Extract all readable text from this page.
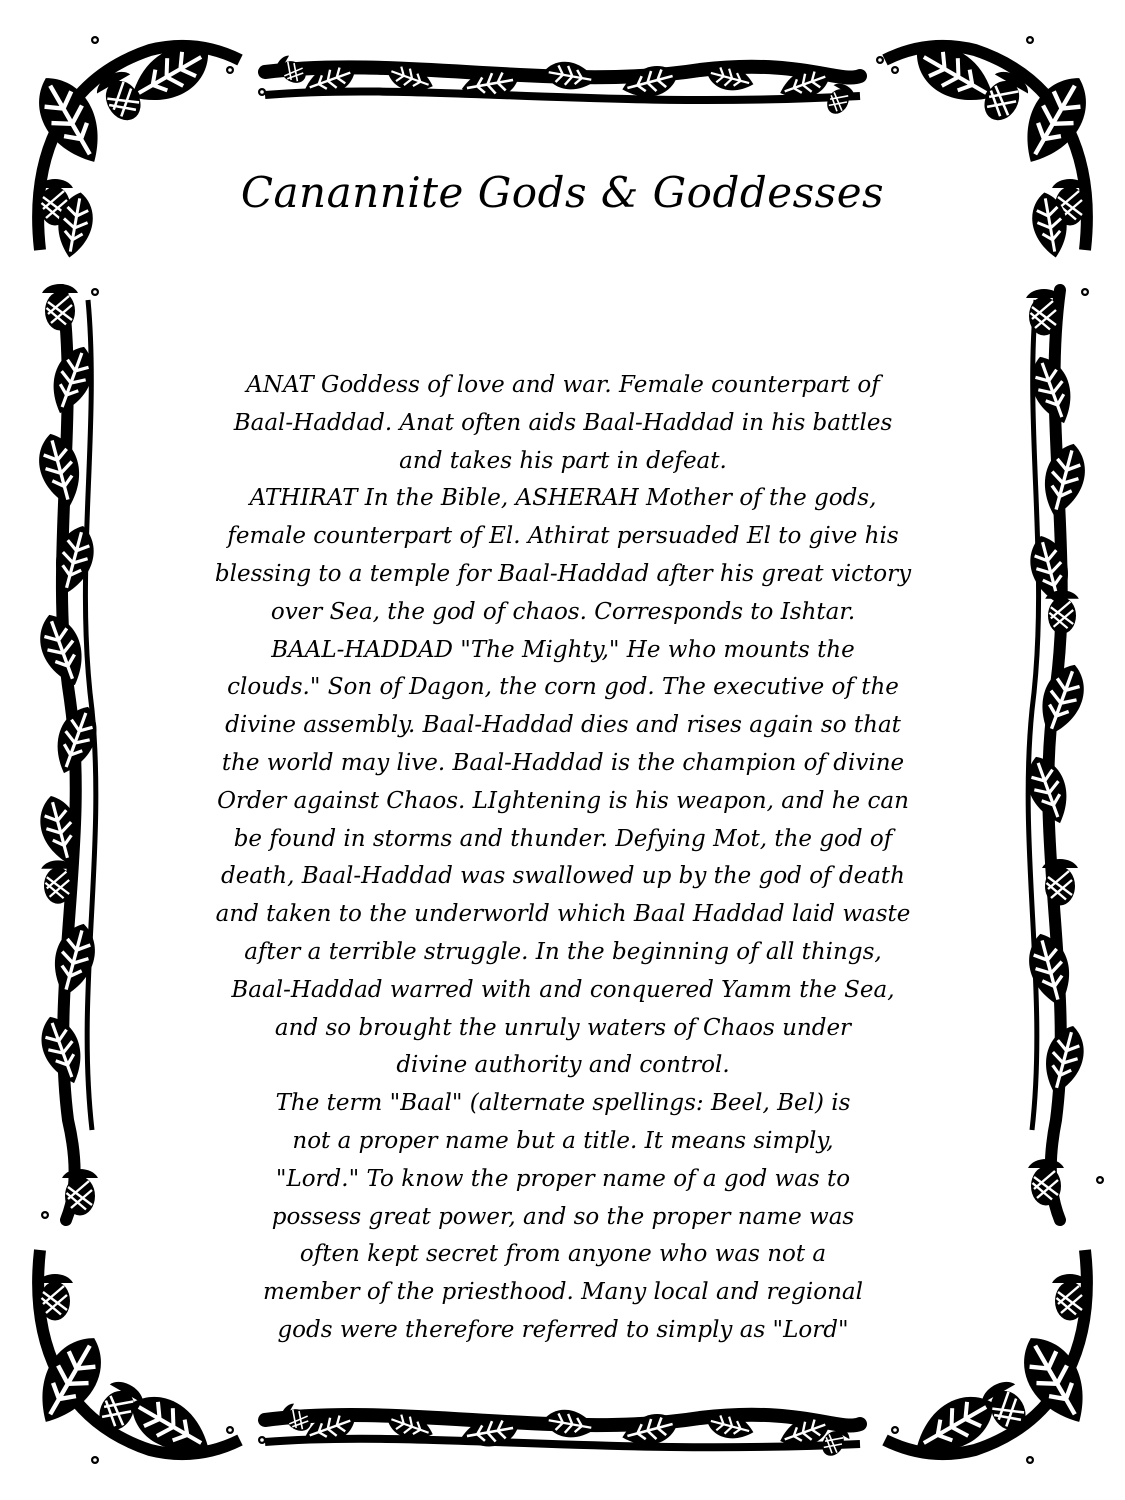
Canannite Gods & Goddesses
ANAT Goddess of love and war. Female counterpart of
Baal-Haddad. Anat often aids Baal-Haddad in his battles
and takes his part in defeat.
ATHIRAT In the Bible, ASHERAH Mother of the gods,
female counterpart of El. Athirat persuaded El to give his
blessing to a temple for Baal-Haddad after his great victory
over Sea, the god of chaos. Corresponds to Ishtar.
BAAL-HADDAD "The Mighty," He who mounts the
clouds." Son of Dagon, the corn god. The executive of the
divine assembly. Baal-Haddad dies and rises again so that
the world may live. Baal-Haddad is the champion of divine
Order against Chaos. LIghtening is his weapon, and he can
be found in storms and thunder. Defying Mot, the god of
death, Baal-Haddad was swallowed up by the god of death
and taken to the underworld which Baal Haddad laid waste
after a terrible struggle. In the beginning of all things,
Baal-Haddad warred with and conquered Yamm the Sea,
and so brought the unruly waters of Chaos under
divine authority and control.
The term "Baal" (alternate spellings: Beel, Bel) is
not a proper name but a title. It means simply,
"Lord." To know the proper name of a god was to
possess great power, and so the proper name was
often kept secret from anyone who was not a
member of the priesthood. Many local and regional
gods were therefore referred to simply as "Lord"
